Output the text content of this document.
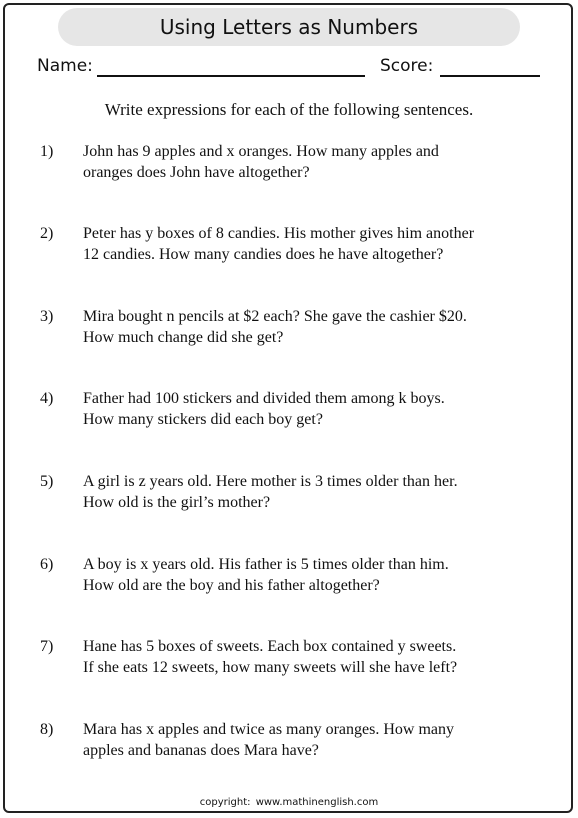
Using Letters as Numbers
Name:	Score:
Write expressions for each of the following sentences.
1) John has 9 apples and x oranges. How many apples and
oranges does John have altogether?
2) Peter has y boxes of 8 candies. His mother gives him another
12 candies. How many candies does he have altogether?
3) Mira bought n pencils at $2 each? She gave the cashier $20.
How much change did she get?
4) Father had 100 stickers and divided them among k boys.
How many stickers did each boy get?
5) A girl is z years old. Here mother is 3 times older than her.
How old is the girl’s mother?
6) A boy is x years old. His father is 5 times older than him.
How old are the boy and his father altogether?
7) Hane has 5 boxes of sweets. Each box contained y sweets.
If she eats 12 sweets, how many sweets will she have left?
8) Mara has x apples and twice as many oranges. How many
apples and bananas does Mara have?
copyright: www.mathinenglish.com
